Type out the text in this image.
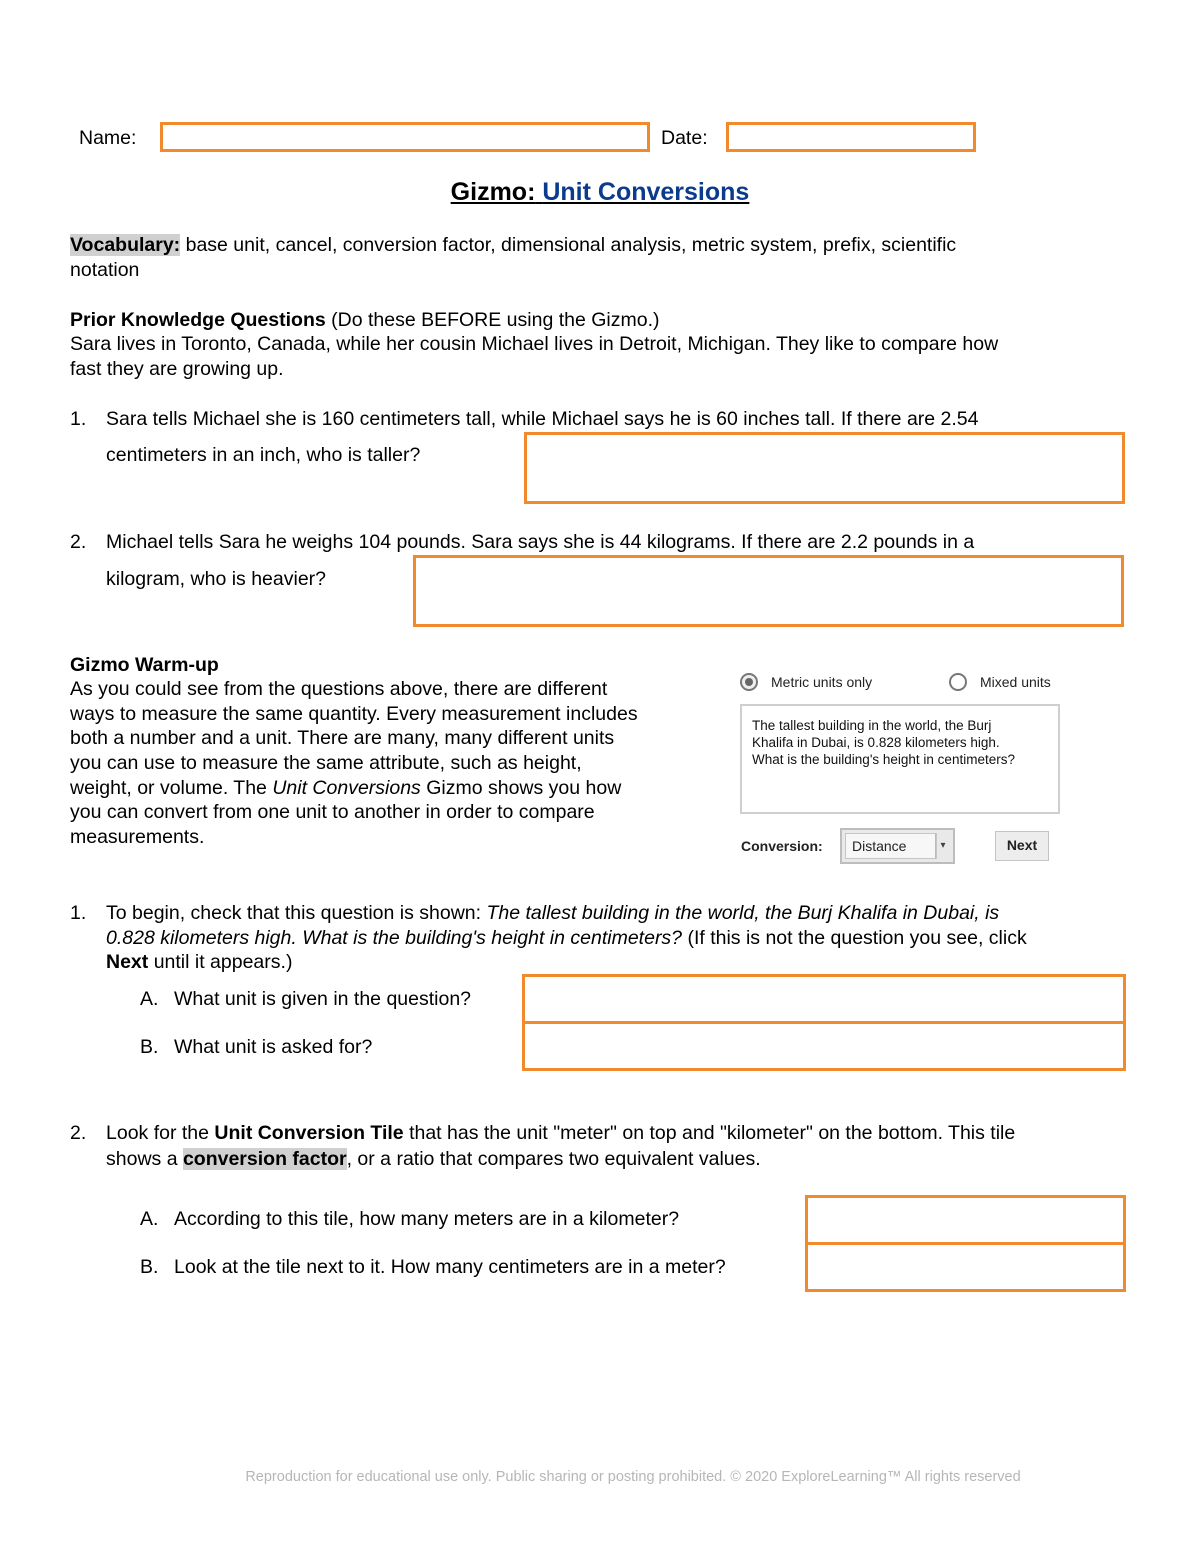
Name:	Date:
Gizmo: Unit Conversions
Vocabulary: base unit, cancel, conversion factor, dimensional analysis, metric system, prefix, scientific
notation
Prior Knowledge Questions (Do these BEFORE using the Gizmo.)
Sara lives in Toronto, Canada, while her cousin Michael lives in Detroit, Michigan. They like to compare how
fast they are growing up.
1. Sara tells Michael she is 160 centimeters tall, while Michael says he is 60 inches tall. If there are 2.54
centimeters in an inch, who is taller?
2. Michael tells Sara he weighs 104 pounds. Sara says she is 44 kilograms. If there are 2.2 pounds in a
kilogram, who is heavier?
Gizmo Warm-up
As you could see from the questions above, there are different
ways to measure the same quantity. Every measurement includes
both a number and a unit. There are many, many different units
you can use to measure the same attribute, such as height,
weight, or volume. The Unit Conversions Gizmo shows you how
you can convert from one unit to another in order to compare
measurements.
Metric units only	Mixed units
The tallest building in the world, the Burj
Khalifa in Dubai, is 0.828 kilometers high.
What is the building's height in centimeters?
Conversion:	Distance	▾	Next
1. To begin, check that this question is shown: The tallest building in the world, the Burj Khalifa in Dubai, is
0.828 kilometers high. What is the building's height in centimeters? (If this is not the question you see, click
Next until it appears.)
A. What unit is given in the question?
B. What unit is asked for?
2. Look for the Unit Conversion Tile that has the unit "meter" on top and "kilometer" on the bottom. This tile
shows a conversion factor, or a ratio that compares two equivalent values.
A. According to this tile, how many meters are in a kilometer?
B. Look at the tile next to it. How many centimeters are in a meter?
Reproduction for educational use only. Public sharing or posting prohibited. © 2020 ExploreLearning™ All rights reserved
